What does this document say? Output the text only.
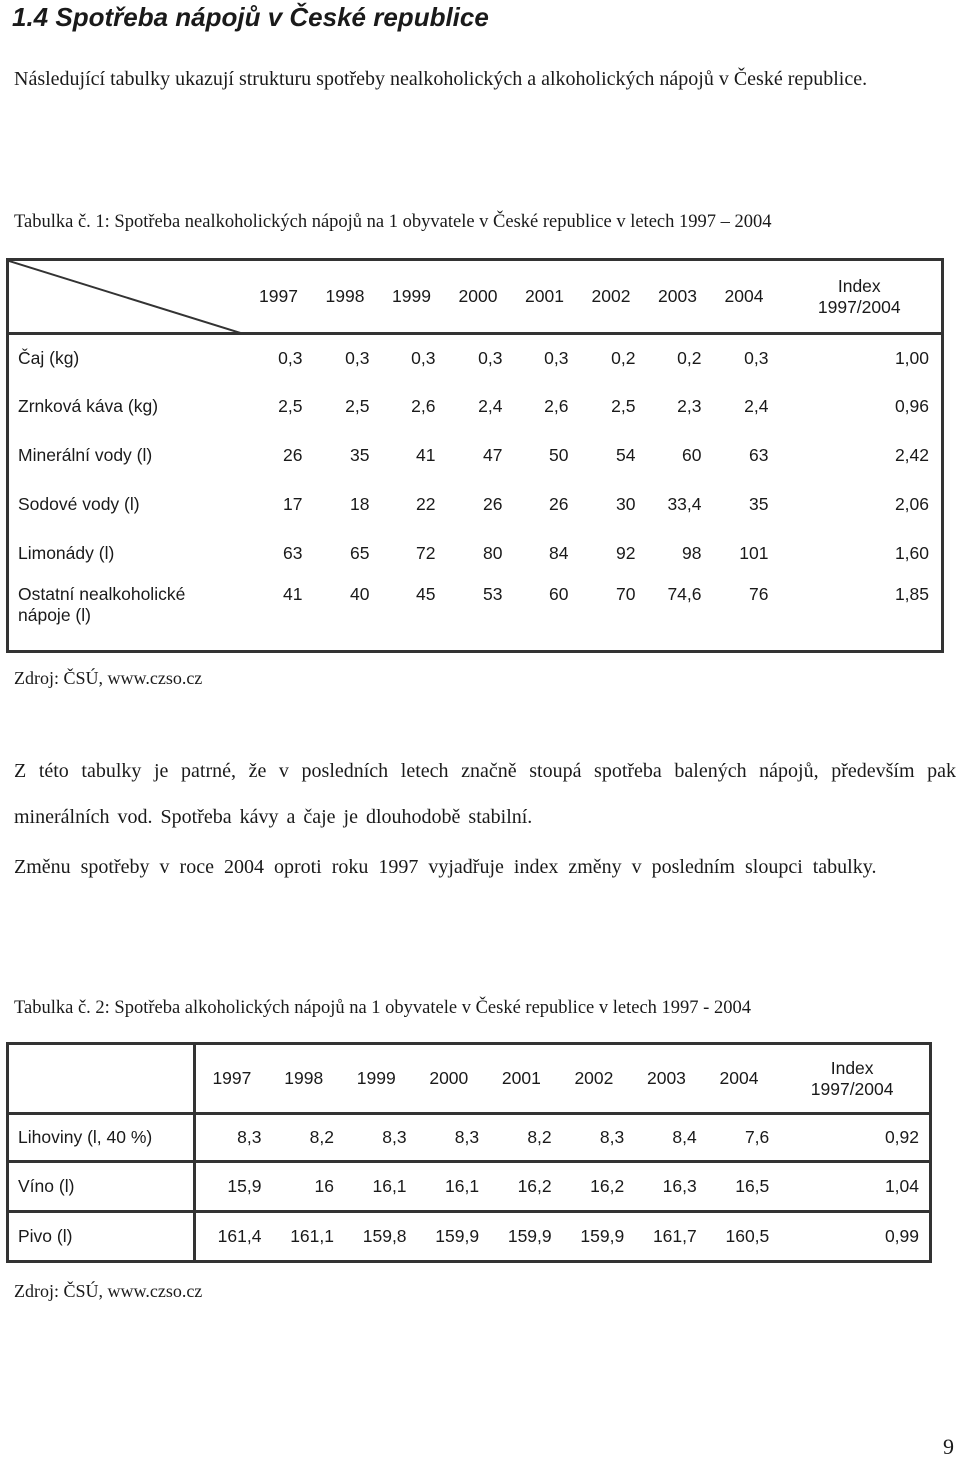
1.4 Spotřeba nápojů v České republice
Následující tabulky ukazují strukturu spotřeby nealkoholických a alkoholických nápojů v České republice.
Tabulka č. 1: Spotřeba nealkoholických nápojů na 1 obyvatele v České republice v letech 1997 – 2004
	1997	1998	1999	2000	2001	2002	2003	2004	Index
1997/2004

Čaj (kg)	0,3	0,3	0,3	0,3	0,3	0,2	0,2	0,3	1,00

Zrnková káva (kg)	2,5	2,5	2,6	2,4	2,6	2,5	2,3	2,4	0,96

Minerální vody (l)	26	35	41	47	50	54	60	63	2,42

Sodové vody (l)	17	18	22	26	26	30	33,4	35	2,06

Limonády (l)	63	65	72	80	84	92	98	101	1,60

Ostatní nealkoholické
nápoje (l)	41	40	45	53	60	70	74,6	76	1,85
Zdroj: ČSÚ, www.czso.cz
Z této tabulky je patrné, že v posledních letech značně stoupá spotřeba balených nápojů, především pak minerálních vod. Spotřeba kávy a čaje je dlouhodobě stabilní.
Změnu spotřeby v roce 2004 oproti roku 1997 vyjadřuje index změny v posledním sloupci tabulky.
Tabulka č. 2: Spotřeba alkoholických nápojů na 1 obyvatele v České republice v letech 1997 - 2004
	1997	1998	1999	2000	2001	2002	2003	2004	Index
1997/2004

Lihoviny (l, 40 %)	8,3	8,2	8,3	8,3	8,2	8,3	8,4	7,6	0,92

Víno (l)	15,9	16	16,1	16,1	16,2	16,2	16,3	16,5	1,04

Pivo (l)	161,4	161,1	159,8	159,9	159,9	159,9	161,7	160,5	0,99
Zdroj: ČSÚ, www.czso.cz
9
